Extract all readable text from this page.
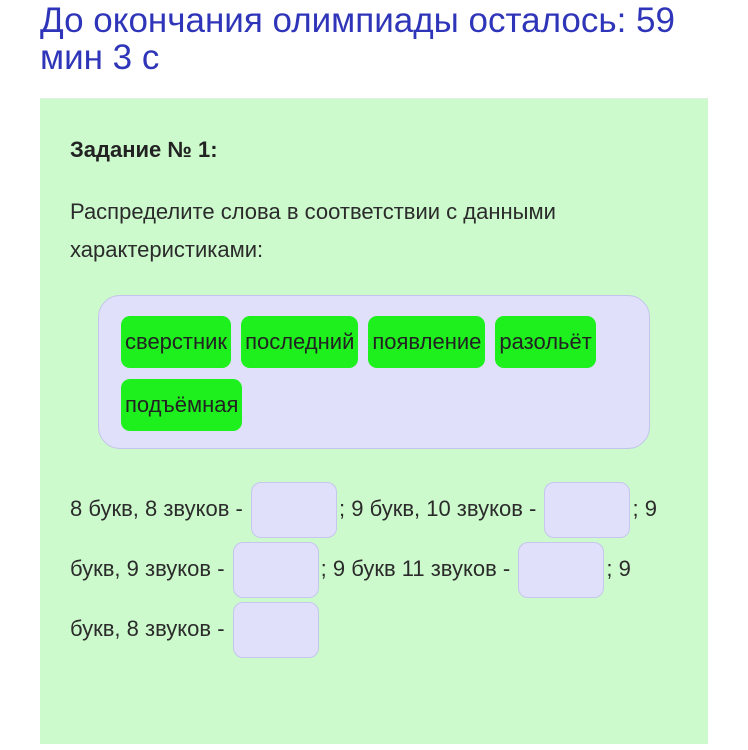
До окончания олимпиады осталось: 59 мин 3 с
Задание № 1:

Распределите слова в соответствии с данными характеристиками:

сверстник последний появление разольёт
подъёмная
8 букв, 8 звуков -	; 9 букв, 10 звуков -	; 9 букв, 9 звуков -	; 9 букв 11 звуков -	; 9 букв, 8 звуков -
